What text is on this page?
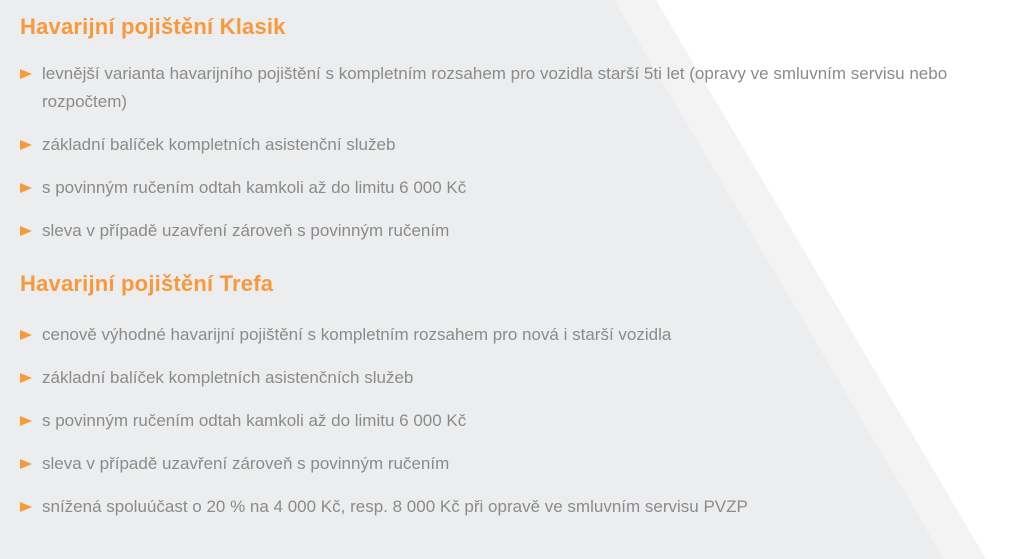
Havarijní pojištění Klasik
levnější varianta havarijního pojištění s kompletním rozsahem pro vozidla starší 5ti let (opravy ve smluvním servisu nebo rozpočtem)
základní balíček kompletních asistenční služeb
s povinným ručením odtah kamkoli až do limitu 6 000 Kč
sleva v případě uzavření zároveň s povinným ručením
Havarijní pojištění Trefa
cenově výhodné havarijní pojištění s kompletním rozsahem pro nová i starší vozidla
základní balíček kompletních asistenčních služeb
s povinným ručením odtah kamkoli až do limitu 6 000 Kč
sleva v případě uzavření zároveň s povinným ručením
snížená spoluúčast o 20 % na 4 000 Kč, resp. 8 000 Kč při opravě ve smluvním servisu PVZP
